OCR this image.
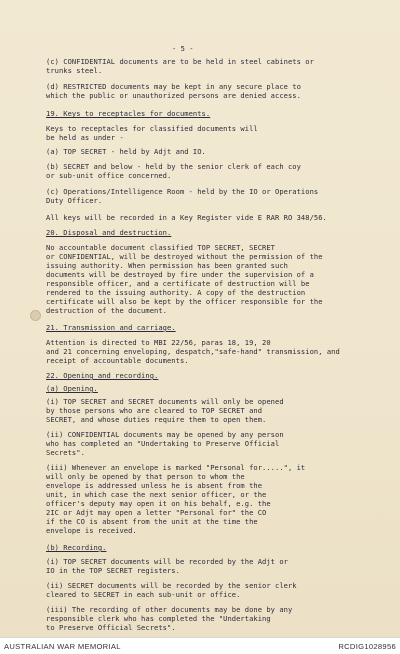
- 5 -
(c) CONFIDENTIAL documents are to be held in steel cabinets or
trunks steel.
(d) RESTRICTED documents may be kept in any secure place to
which the public or unauthorized persons are denied access.
19. Keys to receptacles for documents.
Keys to receptacles for classified documents will
be held as under -
(a) TOP SECRET - held by Adjt and IO.
(b) SECRET and below - held by the senior clerk of each coy
or sub-unit office concerned.
(c) Operations/Intelligence Room - held by the IO or Operations
Duty Officer.
All keys will be recorded in a Key Register vide E RAR RO 348/56.
20. Disposal and destruction.
No accountable document classified TOP SECRET, SECRET
or CONFIDENTIAL, will be destroyed without the permission of the
issuing authority. When permission has been granted such
documents will be destroyed by fire under the supervision of a
responsible officer, and a certificate of destruction will be
rendered to the issuing authority. A copy of the destruction
certificate will also be kept by the officer responsible for the
destruction of the document.
21. Transmission and carriage.
Attention is directed to MBI 22/56, paras 18, 19, 20
and 21 concerning enveloping, despatch,"safe-hand" transmission, and
receipt of accountable documents.
22. Opening and recording.
(a) Opening.
(i) TOP SECRET and SECRET documents will only be opened
by those persons who are cleared to TOP SECRET and
SECRET, and whose duties require them to open them.
(ii) CONFIDENTIAL documents may be opened by any person
who has completed an "Undertaking to Preserve Official
Secrets".
(iii) Whenever an envelope is marked "Personal for.....", it
will only be opened by that person to whom the
envelope is addressed unless he is absent from the
unit, in which case the next senior officer, or the
officer's deputy may open it on his behalf, e.g. the
2IC or Adjt may open a letter "Personal for" the CO
if the CO is absent from the unit at the time the
envelope is received.
(b) Recording.
(i) TOP SECRET documents will be recorded by the Adjt or
IO in the TOP SECRET registers.
(ii) SECRET documents will be recorded by the senior clerk
cleared to SECRET in each sub-unit or office.
(iii) The recording of other documents may be done by any
responsible clerk who has completed the "Undertaking
to Preserve Official Secrets".
AUSTRALIAN WAR MEMORIAL	RCDIG1028956
